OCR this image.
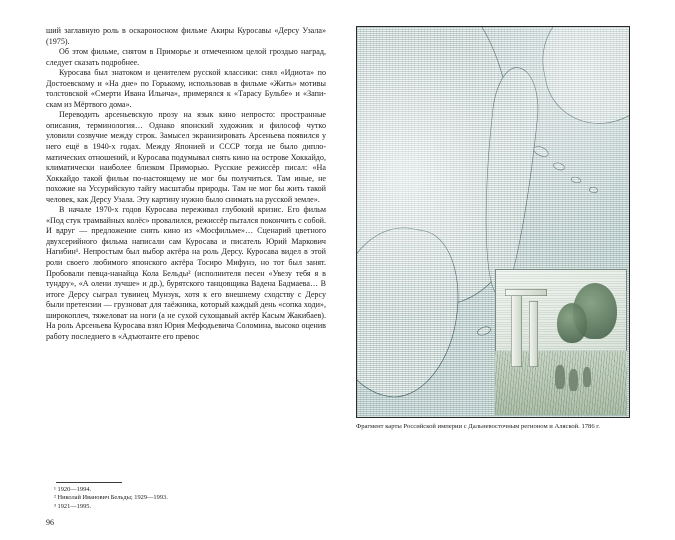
ший заглавную роль в оскароносном фильме Акиры Куросавы «Дерсу Узала» (1975).

Об этом фильме, снятом в Приморье и отмеченном целой гроздью наград, следует сказать подробнее.

Куросава был знатоком и ценителем русской классики: снял «Идиота» по Достоевскому и «На дне» по Горькому, использовав в фильме «Жить» мотивы толстовской «Смерти Ивана Ильича», примерялся к «Тарасу Бульбе» и «Запискам из Мёртвого дома».

Переводить арсеньевскую прозу на язык кино непросто: пространные описания, терминология… Однако японский художник и философ чутко уловили созвучие между строк. Замысел экранизировать Арсеньева появился у него ещё в 1940-х годах. Между Японией и СССР тогда не было дипломатических отношений, и Куросава подумывал снять кино на острове Хоккайдо, климатически наиболее близком Приморью. Русские режиссёр писал: «На Хоккайдо такой фильм по-настоящему не мог бы получиться. Там иные, не похожие на Уссурийскую тайгу масштабы природы. Там не мог бы жить такой человек, как Дерсу Узала. Эту картину нужно было снимать на русской земле».

В начале 1970-х годов Куросава переживал глубокий кризис. Его фильм «Под стук трамвайных колёс» провалился, режиссёр пытался покончить с собой. И вдруг — предложение снять кино из «Мосфильме»… Сценарий цветного двухсерийного фильма написали сам Куросава и писатель Юрий Маркович Нагибин¹. Непростым был выбор актёра на роль Дерсу. Куросава видел в этой роли своего любимого японского актёра Тосиро Мифунэ, но тот был занят. Пробовали певца-нанайца Кола Бельды² (исполнителя песен «Увезу тебя я в тундру», «А олени лучше» и др.), бурятского танцовщика Вадена Бадмаева… В итоге Дерсу сыграл тувинец Мунзук, хотя к его внешнему сходству с Дерсу были претензии — грузноват для таёжника, который каждый день «сопка ходи», широкоплеч, тяжеловат на ноги (а не сухой сухощавый актёр Касым Жакибаев). На роль Арсеньева Куросава взял Юрия Мефодьевича Соломина, высоко оценив работу последнего в «Адъютанте его превос

¹ 1920—1994.

² Николай Иванович Бельды; 1929—1993.

³ 1921—1995.

96
Фрагмент карты Российской империи с Дальневосточным регионом и Аляской. 1786 г.
